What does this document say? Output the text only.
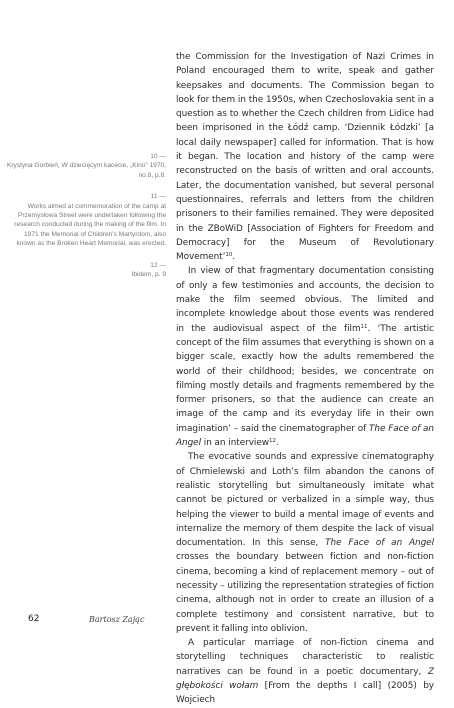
10 —
Krystyna Gorbień, W dziecięcym kacecie, „Kino” 1970, no.8, p.8.
11 —
Works aimed at commemoration of the camp at Przemysłowa Street were undertaken following the research conducted during the making of the film. In 1971 the Memorial of Children's Martyrdom, also known as the Broken Heart Memorial, was erected.
12 —
Ibidem, p. 9

the Commission for the Investigation of Nazi Crimes in Poland encouraged them to write, speak and gather keepsakes and documents. The Commission began to look for them in the 1950s, when Czechoslovakia sent in a question as to whether the Czech children from Lidice had been imprisoned in the Łódź camp. ‘Dziennik Łódzki’ [a local daily newspaper] called for information. That is how it began. The location and history of the camp were reconstructed on the basis of written and oral accounts. Later, the documentation vanished, but several personal questionnaires, referrals and letters from the children prisoners to their families remained. They were deposited in the ZBoWiD [Association of Fighters for Freedom and Democracy] for the Museum of Revolutionary Movement’$^{10}$.

In view of that fragmentary documentation consisting of only a few testimonies and accounts, the decision to make the film seemed obvious. The limited and incomplete knowledge about those events was rendered in the audiovisual aspect of the film$^{11}$. ‘The artistic concept of the film assumes that everything is shown on a bigger scale, exactly how the adults remembered the world of their childhood; besides, we concentrate on filming mostly details and fragments remembered by the former prisoners, so that the audience can create an image of the camp and its everyday life in their own imagination’ – said the cinematographer of The Face of an Angel in an interview$^{12}$.

The evocative sounds and expressive cinematography of Chmielewski and Loth’s film abandon the canons of realistic storytelling but simultaneously imitate what cannot be pictured or verbalized in a simple way, thus helping the viewer to build a mental image of events and internalize the memory of them despite the lack of visual documentation. In this sense, The Face of an Angel crosses the boundary between fiction and non-fiction cinema, becoming a kind of replacement memory – out of necessity – utilizing the representation strategies of fiction cinema, although not in order to create an illusion of a complete testimony and consistent narrative, but to prevent it falling into oblivion.

A particular marriage of non-fiction cinema and storytelling techniques characteristic to realistic narratives can be found in a poetic documentary, Z głębokości wołam [From the depths I call] (2005) by Wojciech

62	Bartosz Zając
